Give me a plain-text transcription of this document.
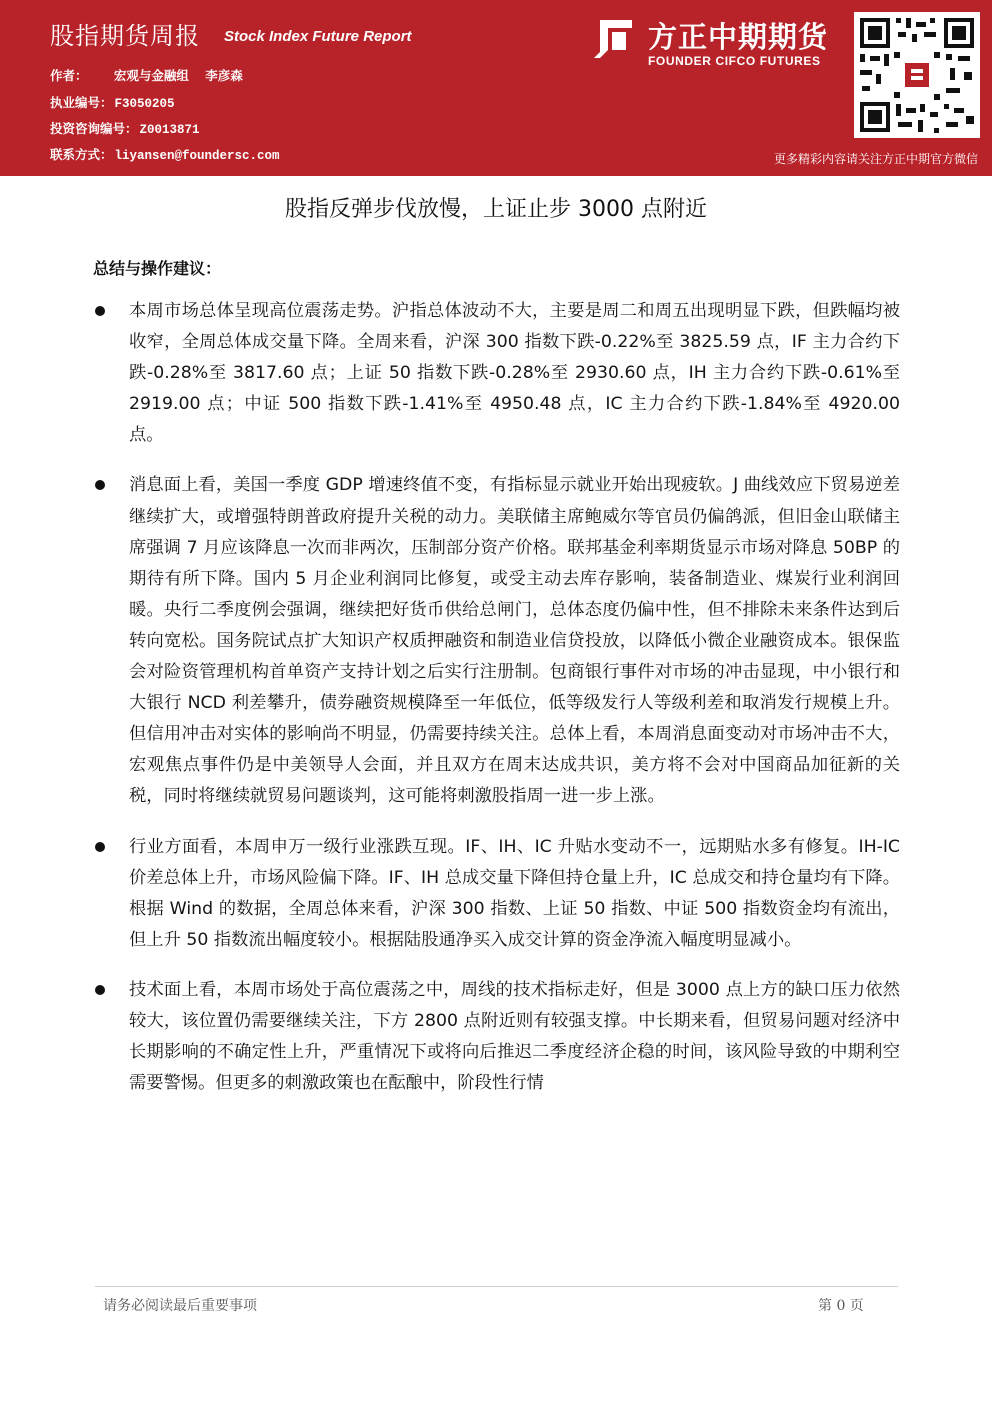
股指期货周报 Stock Index Future Report
作者： 宏观与金融组 李彦森
执业编号： F3050205
投资咨询编号： Z0013871
联系方式： liyansen@foundersc.com
方正中期期货
FOUNDER CIFCO FUTURES
更多精彩内容请关注方正中期官方微信
股指反弹步伐放慢，上证止步 3000 点附近
总结与操作建议：
本周市场总体呈现高位震荡走势。沪指总体波动不大，主要是周二和周五出现明显下跌，但跌幅均被收窄，全周总体成交量下降。全周来看，沪深 300 指数下跌-0.22%至 3825.59 点，IF 主力合约下跌-0.28%至 3817.60 点；上证 50 指数下跌-0.28%至 2930.60 点，IH 主力合约下跌-0.61%至 2919.00 点；中证 500 指数下跌-1.41%至 4950.48 点，IC 主力合约下跌-1.84%至 4920.00 点。
消息面上看，美国一季度 GDP 增速终值不变，有指标显示就业开始出现疲软。J 曲线效应下贸易逆差继续扩大，或增强特朗普政府提升关税的动力。美联储主席鲍威尔等官员仍偏鸽派，但旧金山联储主席强调 7 月应该降息一次而非两次，压制部分资产价格。联邦基金利率期货显示市场对降息 50BP 的期待有所下降。国内 5 月企业利润同比修复，或受主动去库存影响，装备制造业、煤炭行业利润回暖。央行二季度例会强调，继续把好货币供给总闸门，总体态度仍偏中性，但不排除未来条件达到后转向宽松。国务院试点扩大知识产权质押融资和制造业信贷投放，以降低小微企业融资成本。银保监会对险资管理机构首单资产支持计划之后实行注册制。包商银行事件对市场的冲击显现，中小银行和大银行 NCD 利差攀升，债券融资规模降至一年低位，低等级发行人等级利差和取消发行规模上升。但信用冲击对实体的影响尚不明显，仍需要持续关注。总体上看，本周消息面变动对市场冲击不大，宏观焦点事件仍是中美领导人会面，并且双方在周末达成共识，美方将不会对中国商品加征新的关税，同时将继续就贸易问题谈判，这可能将刺激股指周一进一步上涨。
行业方面看，本周申万一级行业涨跌互现。IF、IH、IC 升贴水变动不一，远期贴水多有修复。IH-IC 价差总体上升，市场风险偏下降。IF、IH 总成交量下降但持仓量上升，IC 总成交和持仓量均有下降。根据 Wind 的数据，全周总体来看，沪深 300 指数、上证 50 指数、中证 500 指数资金均有流出，但上升 50 指数流出幅度较小。根据陆股通净买入成交计算的资金净流入幅度明显减小。
技术面上看，本周市场处于高位震荡之中，周线的技术指标走好，但是 3000 点上方的缺口压力依然较大，该位置仍需要继续关注，下方 2800 点附近则有较强支撑。中长期来看，但贸易问题对经济中长期影响的不确定性上升，严重情况下或将向后推迟二季度经济企稳的时间，该风险导致的中期利空需要警惕。但更多的刺激政策也在酝酿中，阶段性行情
请务必阅读最后重要事项	第 0 页
